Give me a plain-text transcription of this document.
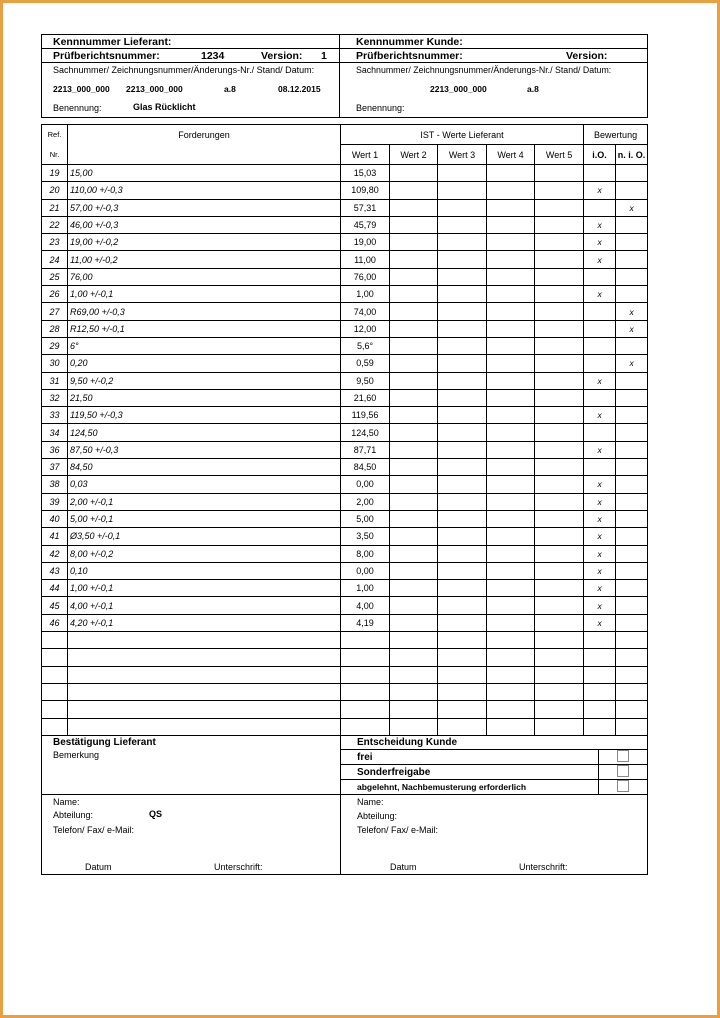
Kennnummer Lieferant:	Kennnummer Kunde:
Prüfberichtsnummer: 1234 Version: 1	Prüfberichtsnummer: Version:

Sachnummer/ Zeichnungsnummer/Änderungs-Nr./ Stand/ Datum:	Sachnummer/ Zeichnungsnummer/Änderungs-Nr./ Stand/ Datum:

2213_000_000 2213_000_000 a.8 08.12.2015	2213_000_000 a.8

Benennung: Glas Rücklicht	Benennung:
Ref.	Forderungen	IST - Werte Lieferant					Bewertung	
Nr.		Wert 1	Wert 2	Wert 3	Wert 4	Wert 5	i.O.	n. i. O.
19	15,00	15,03						
20	110,00 +/-0,3	109,80					x	
21	57,00 +/-0,3	57,31						x
22	46,00 +/-0,3	45,79					x	
23	19,00 +/-0,2	19,00					x	
24	11,00 +/-0,2	11,00					x	
25	76,00	76,00						
26	1,00 +/-0,1	1,00					x	
27	R69,00 +/-0,3	74,00						x
28	R12,50 +/-0,1	12,00						x
29	6°	5,6°						
30	0,20	0,59						x
31	9,50 +/-0,2	9,50					x	
32	21,50	21,60						
33	119,50 +/-0,3	119,56					x	
34	124,50	124,50						
36	87,50 +/-0,3	87,71					x	
37	84,50	84,50						
38	0,03	0,00					x	
39	2,00 +/-0,1	2,00					x	
40	5,00 +/-0,1	5,00					x	
41	Ø3,50 +/-0,1	3,50					x	
42	8,00 +/-0,2	8,00					x	
43	0,10	0,00					x	
44	1,00 +/-0,1	1,00					x	
45	4,00 +/-0,1	4,00					x	
46	4,20 +/-0,1	4,19					x	

Bestätigung Lieferant	Entscheidung Kunde	
Bemerkung	frei	
	Sonderfreigabe	
	abgelehnt, Nachbemusterung erforderlich	
Name:	Name:	

Abteilung: QS	Abteilung:	
Telefon/ Fax/ e-Mail:	Telefon/ Fax/ e-Mail:	

Datum Unterschrift:	Datum Unterschrift:	
